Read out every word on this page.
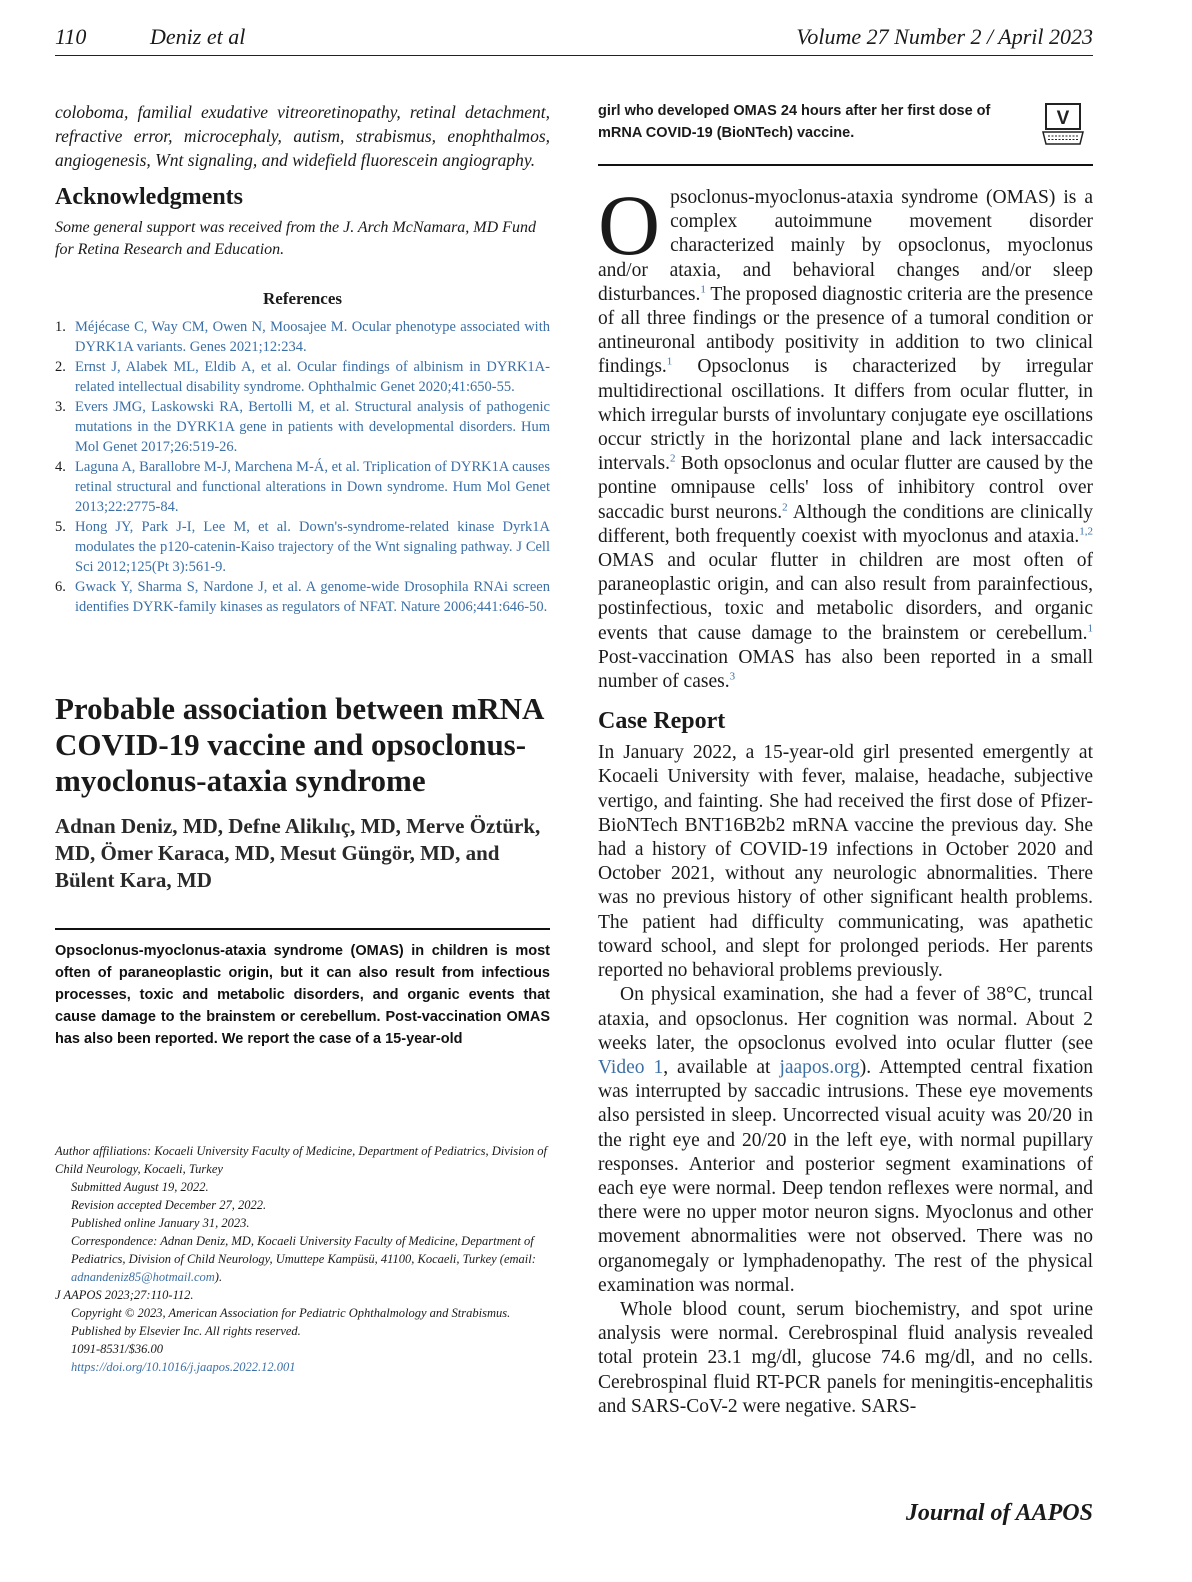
110	Deniz et al	Volume 27 Number 2 / April 2023

coloboma, familial exudative vitreoretinopathy, retinal detachment, refractive error, microcephaly, autism, strabismus, enophthalmos, angiogenesis, Wnt signaling, and widefield fluorescein angiography.

Acknowledgments

Some general support was received from the J. Arch McNamara, MD Fund for Retina Research and Education.

References
1. Méjécase C, Way CM, Owen N, Moosajee M. Ocular phenotype associated with DYRK1A variants. Genes 2021;12:234.
2. Ernst J, Alabek ML, Eldib A, et al. Ocular findings of albinism in DYRK1A-related intellectual disability syndrome. Ophthalmic Genet 2020;41:650-55.
3. Evers JMG, Laskowski RA, Bertolli M, et al. Structural analysis of pathogenic mutations in the DYRK1A gene in patients with developmental disorders. Hum Mol Genet 2017;26:519-26.
4. Laguna A, Barallobre M-J, Marchena M-Á, et al. Triplication of DYRK1A causes retinal structural and functional alterations in Down syndrome. Hum Mol Genet 2013;22:2775-84.
5. Hong JY, Park J-I, Lee M, et al. Down's-syndrome-related kinase Dyrk1A modulates the p120-catenin-Kaiso trajectory of the Wnt signaling pathway. J Cell Sci 2012;125(Pt 3):561-9.
6. Gwack Y, Sharma S, Nardone J, et al. A genome-wide Drosophila RNAi screen identifies DYRK-family kinases as regulators of NFAT. Nature 2006;441:646-50.
Probable association between mRNA COVID-19 vaccine and opsoclonus-myoclonus-ataxia syndrome

Adnan Deniz, MD, Defne Alikılıç, MD, Merve Öztürk, MD, Ömer Karaca, MD, Mesut Güngör, MD, and Bülent Kara, MD

Opsoclonus-myoclonus-ataxia syndrome (OMAS) in children is most often of paraneoplastic origin, but it can also result from infectious processes, toxic and metabolic disorders, and organic events that cause damage to the brainstem or cerebellum. Post-vaccination OMAS has also been reported. We report the case of a 15-year-old

Author affiliations: Kocaeli University Faculty of Medicine, Department of Pediatrics, Division of Child Neurology, Kocaeli, Turkey

Submitted August 19, 2022.

Revision accepted December 27, 2022.

Published online January 31, 2023.

Correspondence: Adnan Deniz, MD, Kocaeli University Faculty of Medicine, Department of Pediatrics, Division of Child Neurology, Umuttepe Kampüsü, 41100, Kocaeli, Turkey (email: adnandeniz85@hotmail.com).

J AAPOS 2023;27:110-112.

Copyright © 2023, American Association for Pediatric Ophthalmology and Strabismus. Published by Elsevier Inc. All rights reserved.

1091-8531/$36.00

https://doi.org/10.1016/j.jaapos.2022.12.001

girl who developed OMAS 24 hours after her first dose of mRNA COVID-19 (BioNTech) vaccine.
V

Opsoclonus-myoclonus-ataxia syndrome (OMAS) is a complex autoimmune movement disorder characterized mainly by opsoclonus, myoclonus and/or ataxia, and behavioral changes and/or sleep disturbances.$^1$ The proposed diagnostic criteria are the presence of all three findings or the presence of a tumoral condition or antineuronal antibody positivity in addition to two clinical findings.$^1$ Opsoclonus is characterized by irregular multidirectional oscillations. It differs from ocular flutter, in which irregular bursts of involuntary conjugate eye oscillations occur strictly in the horizontal plane and lack intersaccadic intervals.$^2$ Both opsoclonus and ocular flutter are caused by the pontine omnipause cells' loss of inhibitory control over saccadic burst neurons.$^2$ Although the conditions are clinically different, both frequently coexist with myoclonus and ataxia.$^{1,2}$ OMAS and ocular flutter in children are most often of paraneoplastic origin, and can also result from parainfectious, postinfectious, toxic and metabolic disorders, and organic events that cause damage to the brainstem or cerebellum.$^1$ Post-vaccination OMAS has also been reported in a small number of cases.$^3$

Case Report

In January 2022, a 15-year-old girl presented emergently at Kocaeli University with fever, malaise, headache, subjective vertigo, and fainting. She had received the first dose of Pfizer-BioNTech BNT16B2b2 mRNA vaccine the previous day. She had a history of COVID-19 infections in October 2020 and October 2021, without any neurologic abnormalities. There was no previous history of other significant health problems. The patient had difficulty communicating, was apathetic toward school, and slept for prolonged periods. Her parents reported no behavioral problems previously.

On physical examination, she had a fever of 38°C, truncal ataxia, and opsoclonus. Her cognition was normal. About 2 weeks later, the opsoclonus evolved into ocular flutter (see Video 1, available at jaapos.org). Attempted central fixation was interrupted by saccadic intrusions. These eye movements also persisted in sleep. Uncorrected visual acuity was 20/20 in the right eye and 20/20 in the left eye, with normal pupillary responses. Anterior and posterior segment examinations of each eye were normal. Deep tendon reflexes were normal, and there were no upper motor neuron signs. Myoclonus and other movement abnormalities were not observed. There was no organomegaly or lymphadenopathy. The rest of the physical examination was normal.

Whole blood count, serum biochemistry, and spot urine analysis were normal. Cerebrospinal fluid analysis revealed total protein 23.1 mg/dl, glucose 74.6 mg/dl, and no cells. Cerebrospinal fluid RT-PCR panels for meningitis-encephalitis and SARS-CoV-2 were negative. SARS-

Journal of AAPOS
